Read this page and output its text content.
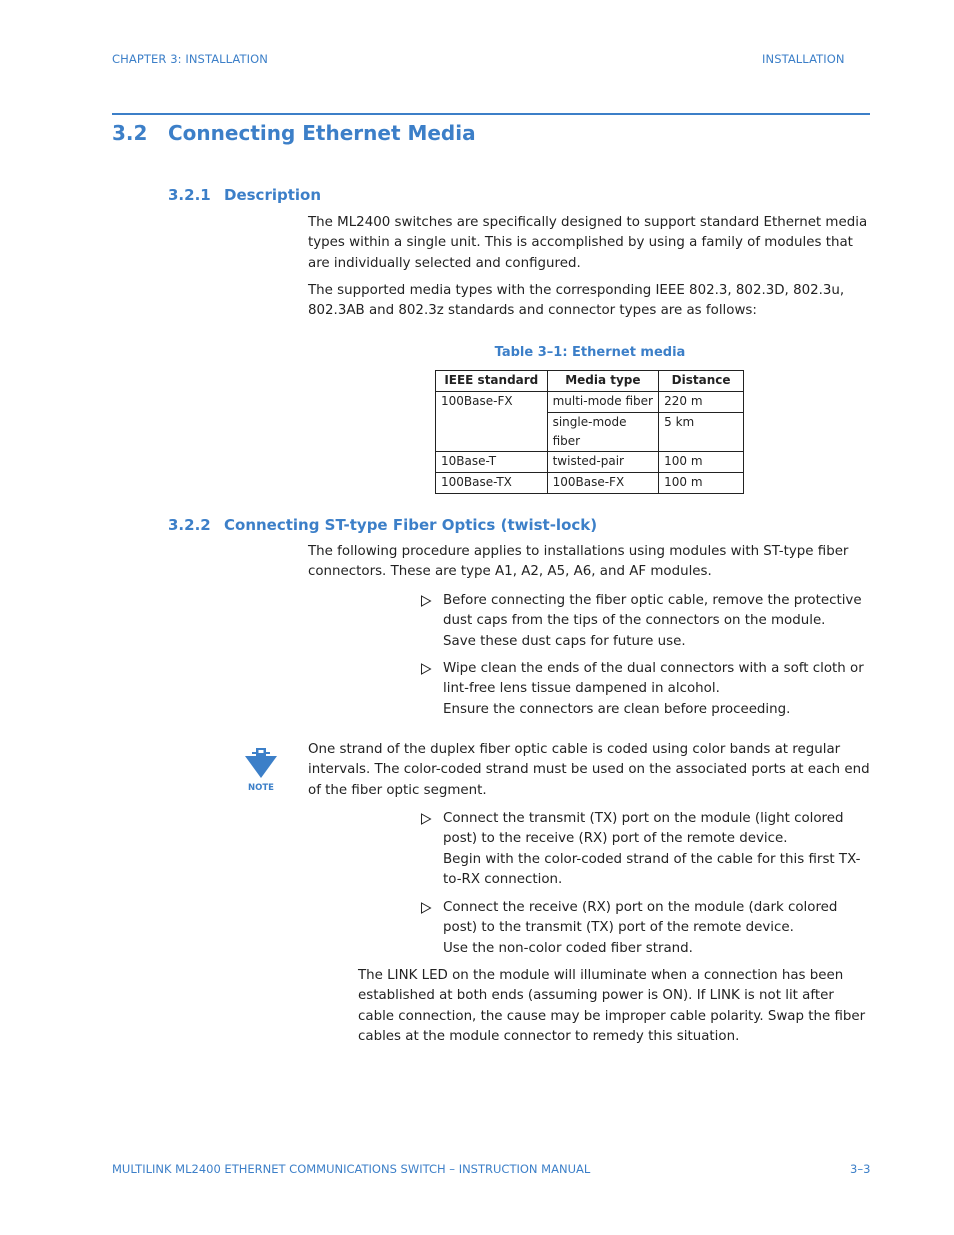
CHAPTER 3: INSTALLATION	INSTALLATION
3.2 Connecting Ethernet Media
3.2.1 Description
The ML2400 switches are specifically designed to support standard Ethernet media types within a single unit. This is accomplished by using a family of modules that are individually selected and configured.
The supported media types with the corresponding IEEE 802.3, 802.3D, 802.3u, 802.3AB and 802.3z standards and connector types are as follows:
Table 3–1: Ethernet media
IEEE standard	Media type	Distance
100Base-FX	multi-mode fiber	220 m
	single-mode fiber	5 km
10Base-T	twisted-pair	100 m
100Base-TX	100Base-FX	100 m
3.2.2 Connecting ST-type Fiber Optics (twist-lock)
The following procedure applies to installations using modules with ST-type fiber connectors. These are type A1, A2, A5, A6, and AF modules.
Before connecting the fiber optic cable, remove the protective dust caps from the tips of the connectors on the module.
Save these dust caps for future use.
Wipe clean the ends of the dual connectors with a soft cloth or lint-free lens tissue dampened in alcohol.
Ensure the connectors are clean before proceeding.
NOTE
One strand of the duplex fiber optic cable is coded using color bands at regular intervals. The color-coded strand must be used on the associated ports at each end of the fiber optic segment.
Connect the transmit (TX) port on the module (light colored post) to the receive (RX) port of the remote device.
Begin with the color-coded strand of the cable for this first TX-to-RX connection.
Connect the receive (RX) port on the module (dark colored post) to the transmit (TX) port of the remote device.
Use the non-color coded fiber strand.
The LINK LED on the module will illuminate when a connection has been established at both ends (assuming power is ON). If LINK is not lit after cable connection, the cause may be improper cable polarity. Swap the fiber cables at the module connector to remedy this situation.
MULTILINK ML2400 ETHERNET COMMUNICATIONS SWITCH – INSTRUCTION MANUAL	3–3
